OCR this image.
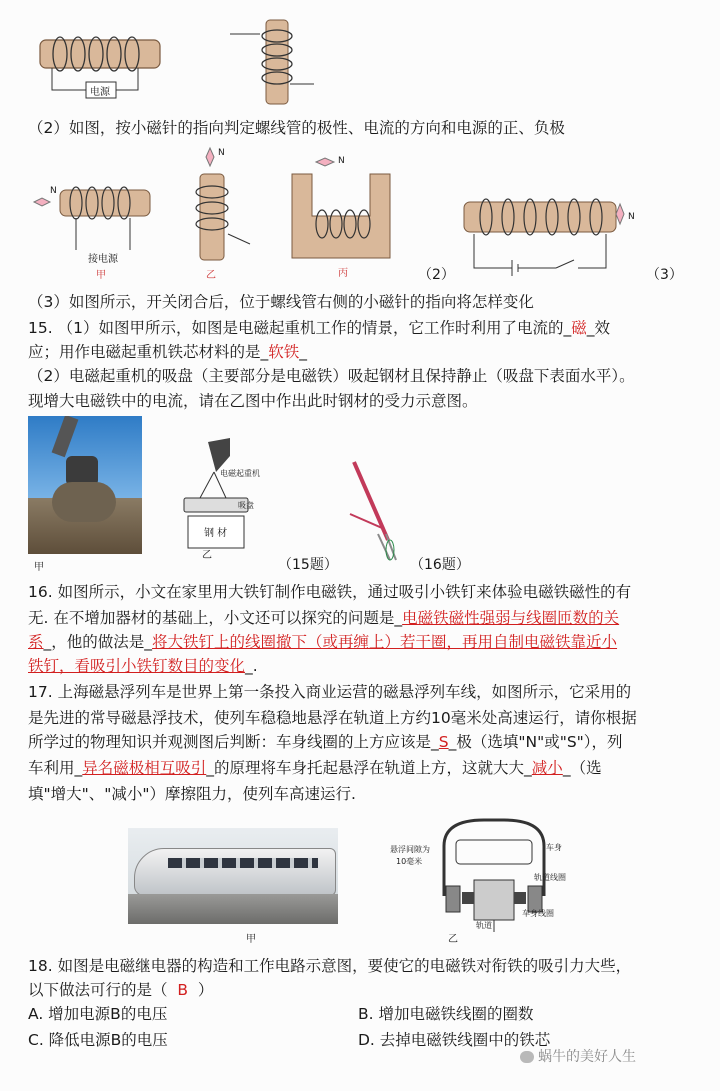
电源
（2）如图，按小磁针的指向判定螺线管的极性、电流的方向和电源的正、负极
N
接电源
甲
N
乙
N
丙	（2）
N
（3）
（3）如图所示，开关闭合后，位于螺线管右侧的小磁针的指向将怎样变化
15. （1）如图甲所示，如图是电磁起重机工作的情景，它工作时利用了电流的_磁_效
应；用作电磁起重机铁芯材料的是_软铁_
（2）电磁起重机的吸盘（主要部分是电磁铁）吸起钢材且保持静止（吸盘下表面水平）。
现增大电磁铁中的电流，请在乙图中作出此时钢材的受力示意图。
甲
电磁起重机
吸盘
钢 材
乙
（15题）	（16题）
16. 如图所示，小文在家里用大铁钉制作电磁铁，通过吸引小铁钉来体验电磁铁磁性的有
无. 在不增加器材的基础上，小文还可以探究的问题是_电磁铁磁性强弱与线圈匝数的关
系_，他的做法是_将大铁钉上的线圈撤下（或再缠上）若干圈，再用自制电磁铁靠近小
铁钉，看吸引小铁钉数目的变化_.
17. 上海磁悬浮列车是世界上第一条投入商业运营的磁悬浮列车线，如图所示，它采用的
是先进的常导磁悬浮技术，使列车稳稳地悬浮在轨道上方约10毫米处高速运行，请你根据
所学过的物理知识并观测图后判断：车身线圈的上方应该是_S_极（选填"N"或"S"），列
车利用_异名磁极相互吸引_的原理将车身托起悬浮在轨道上方，这就大大_减小_（选
填"增大"、"减小"）摩擦阻力，使列车高速运行.
甲
悬浮间隙为
10毫米
车身
轨道线圈
轨道
车身线圈
乙
18. 如图是电磁继电器的构造和工作电路示意图，要使它的电磁铁对衔铁的吸引力大些，
以下做法可行的是（ B ）
A. 增加电源B的电压	B. 增加电磁铁线圈的圈数
C. 降低电源B的电压	D. 去掉电磁铁线圈中的铁芯
蜗牛的美好人生
